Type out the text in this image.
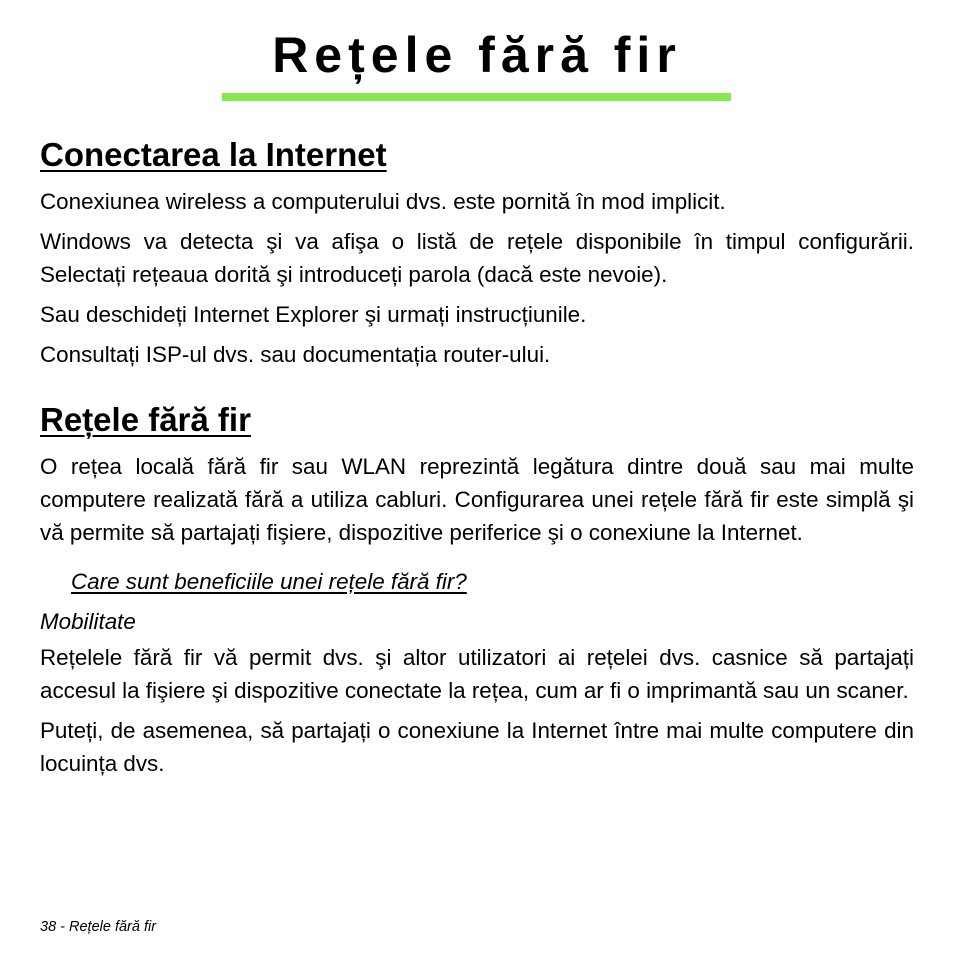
Rețele fără fir
Conectarea la Internet

Conexiunea wireless a computerului dvs. este pornită în mod implicit.

Windows va detecta şi va afişa o listă de rețele disponibile în timpul configurării. Selectați rețeaua dorită şi introduceți parola (dacă este nevoie).

Sau deschideți Internet Explorer şi urmați instrucțiunile.

Consultați ISP-ul dvs. sau documentația router-ului.

Rețele fără fir

O rețea locală fără fir sau WLAN reprezintă legătura dintre două sau mai multe computere realizată fără a utiliza cabluri. Configurarea unei rețele fără fir este simplă şi vă permite să partajați fişiere, dispozitive periferice şi o conexiune la Internet.

Care sunt beneficiile unei rețele fără fir?

Mobilitate

Rețelele fără fir vă permit dvs. şi altor utilizatori ai rețelei dvs. casnice să partajați accesul la fişiere şi dispozitive conectate la rețea, cum ar fi o imprimantă sau un scaner.

Puteți, de asemenea, să partajați o conexiune la Internet între mai multe computere din locuința dvs.

38 - Rețele fără fir
